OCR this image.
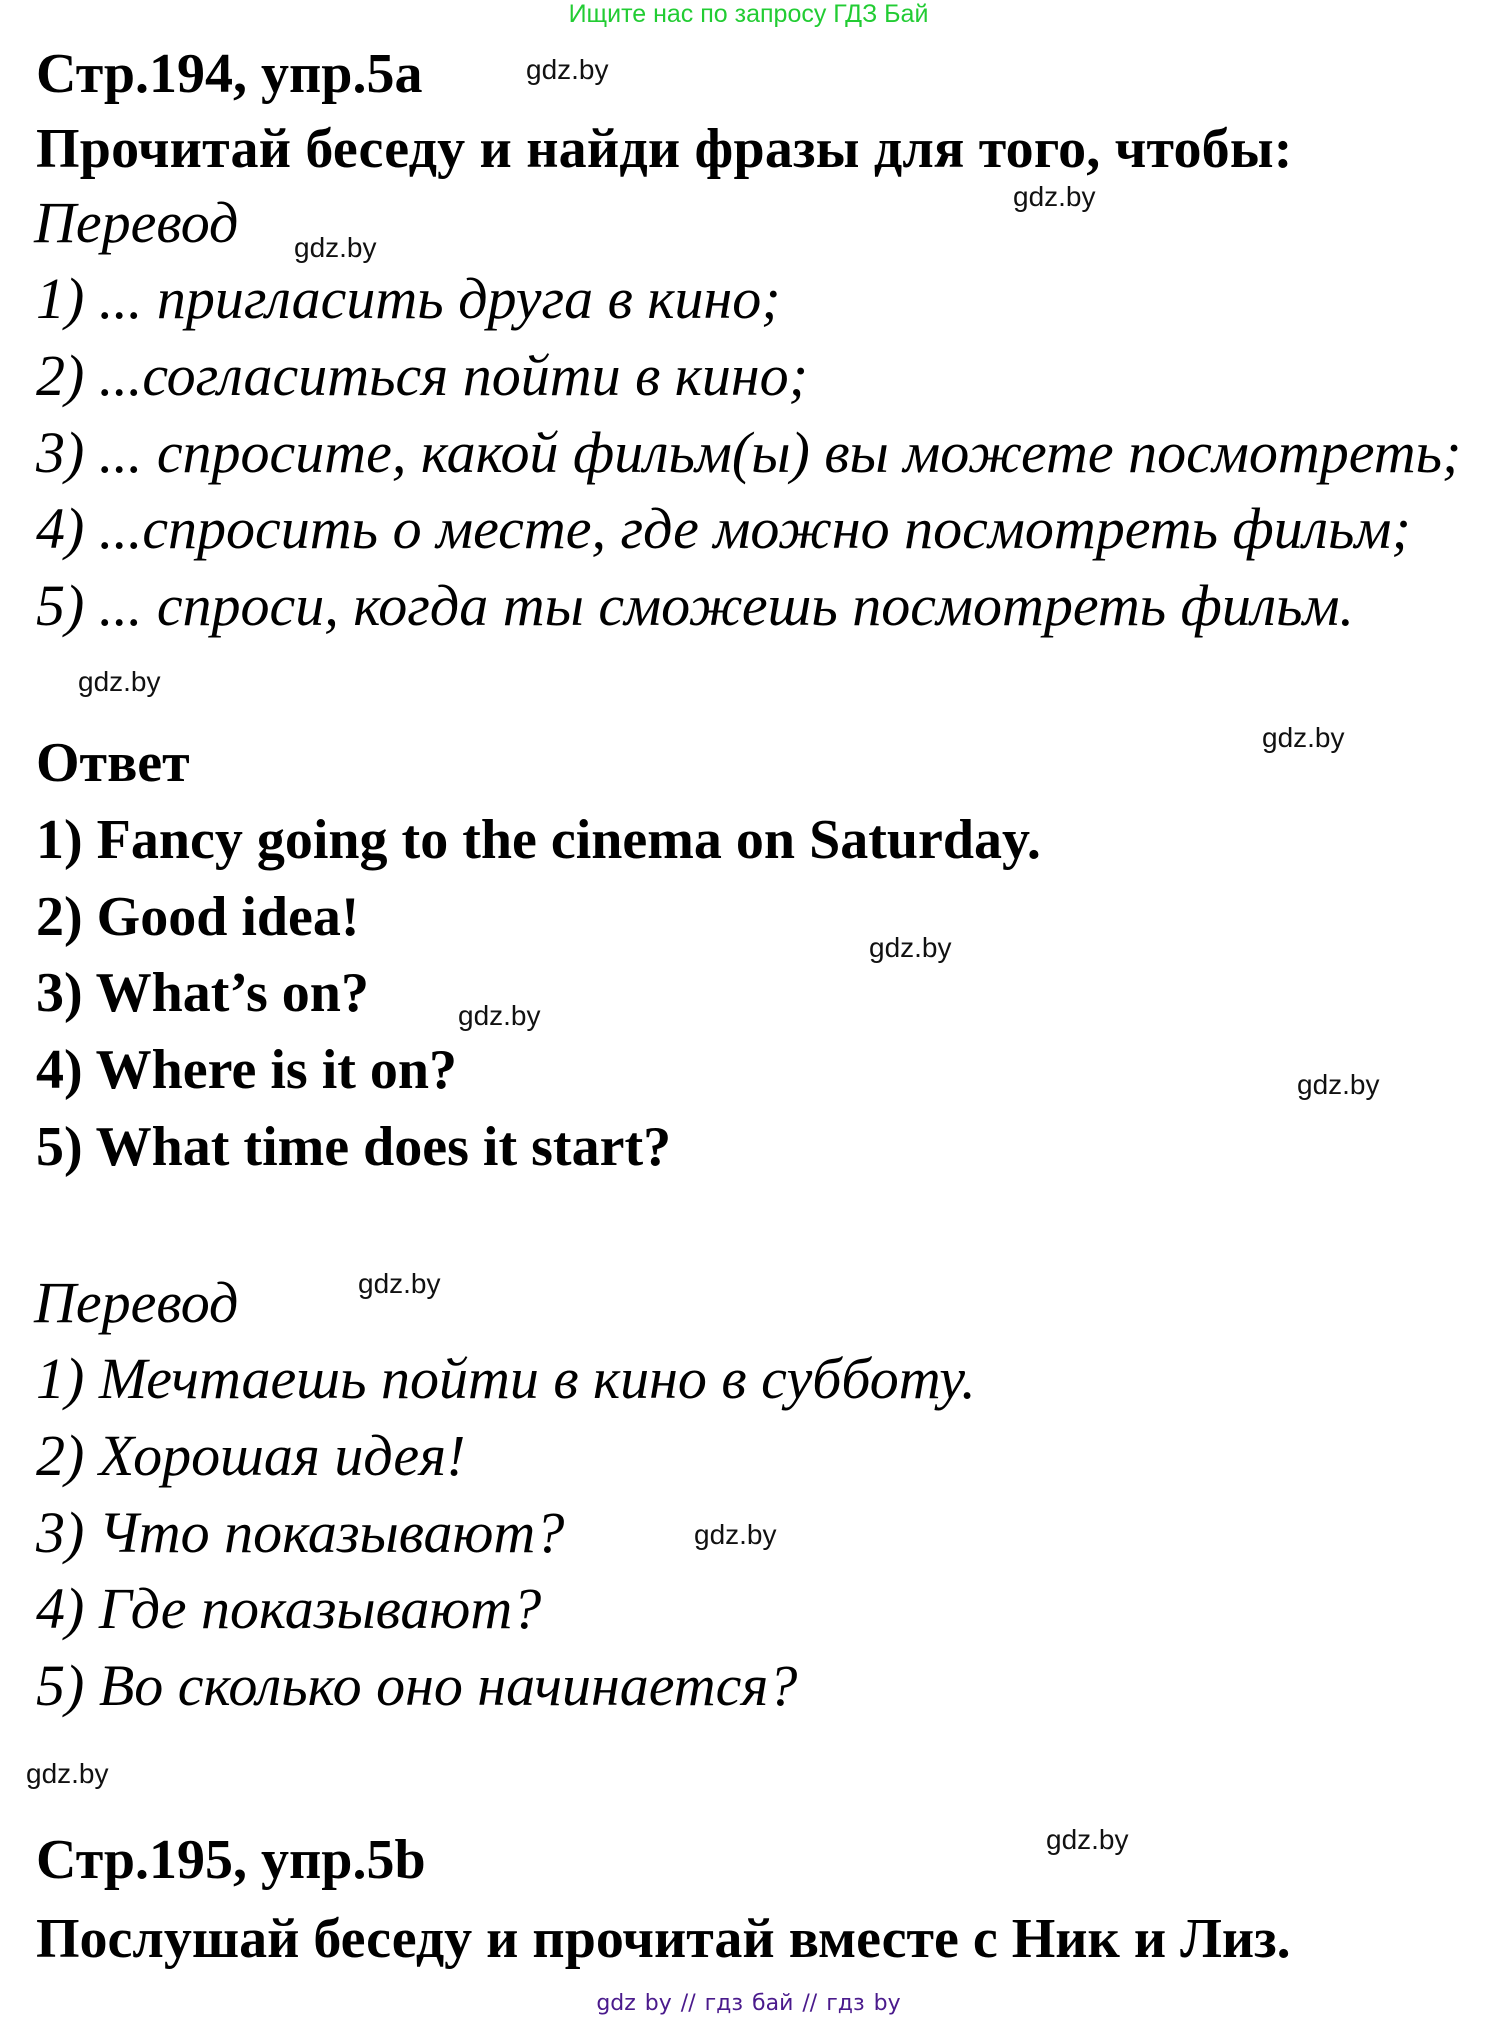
Ищите нас по запросу ГДЗ Бай
Стр.194, упр.5a
Прочитай беседу и найди фразы для того, чтобы:
Перевод
1) ... пригласить друга в кино;
2) ...согласиться пойти в кино;
3) ... спросите, какой фильм(ы) вы можете посмотреть;
4) ...спросить о месте, где можно посмотреть фильм;
5) ... спроси, когда ты сможешь посмотреть фильм.
Ответ
1) Fancy going to the cinema on Saturday.
2) Good idea!
3) What’s on?
4) Where is it on?
5) What time does it start?
Перевод
1) Мечтаешь пойти в кино в субботу.
2) Хорошая идея!
3) Что показывают?
4) Где показывают?
5) Во сколько оно начинается?
Стр.195, упр.5b
Послушай беседу и прочитай вместе с Ник и Лиз.
gdz.by
gdz.by
gdz.by
gdz.by
gdz.by
gdz.by
gdz.by
gdz.by
gdz.by
gdz.by
gdz.by
gdz.by
gdz by // гдз бай // гдз by
